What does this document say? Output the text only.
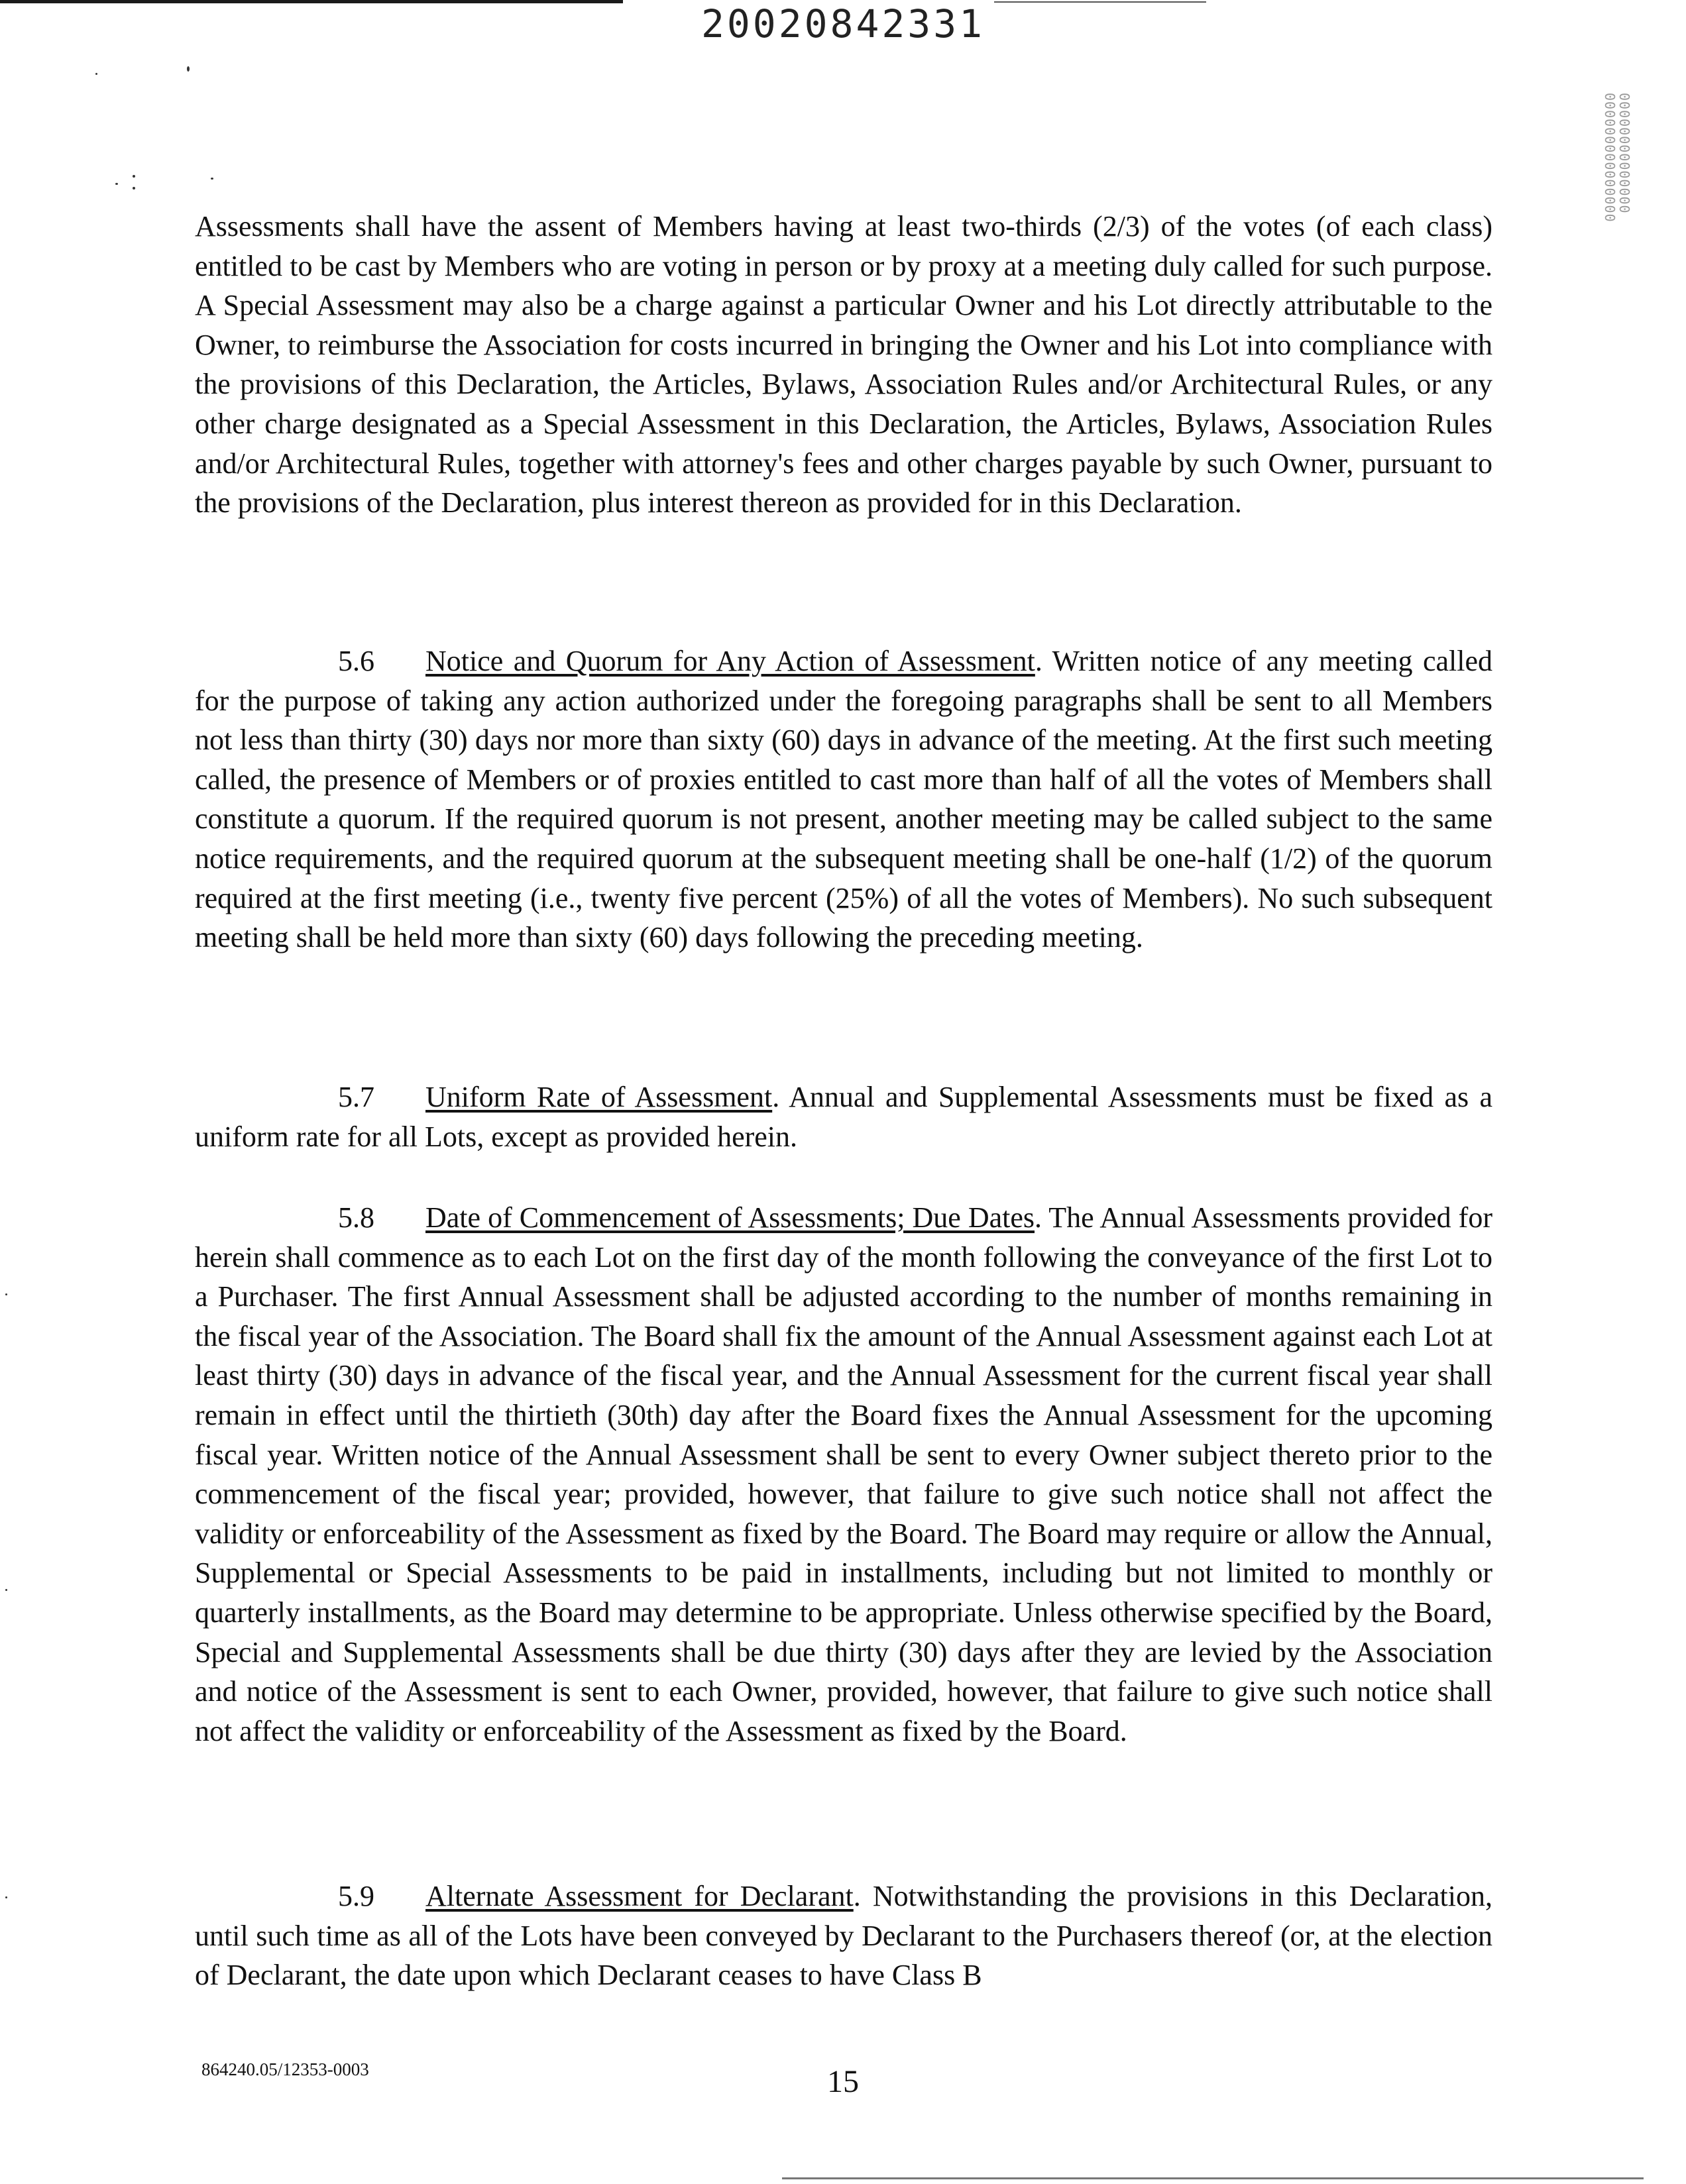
20020842331
00000000000000 000000000000000

Assessments shall have the assent of Members having at least two-thirds (2/3) of the votes (of each class) entitled to be cast by Members who are voting in person or by proxy at a meeting duly called for such purpose. A Special Assessment may also be a charge against a particular Owner and his Lot directly attributable to the Owner, to reimburse the Association for costs incurred in bringing the Owner and his Lot into compliance with the provisions of this Declaration, the Articles, Bylaws, Association Rules and/or Architectural Rules, or any other charge designated as a Special Assessment in this Declaration, the Articles, Bylaws, Association Rules and/or Architectural Rules, together with attorney's fees and other charges payable by such Owner, pursuant to the provisions of the Declaration, plus interest thereon as provided for in this Declaration.

5.6 Notice and Quorum for Any Action of Assessment. Written notice of any meeting called for the purpose of taking any action authorized under the foregoing paragraphs shall be sent to all Members not less than thirty (30) days nor more than sixty (60) days in advance of the meeting. At the first such meeting called, the presence of Members or of proxies entitled to cast more than half of all the votes of Members shall constitute a quorum. If the required quorum is not present, another meeting may be called subject to the same notice requirements, and the required quorum at the subsequent meeting shall be one-half (1/2) of the quorum required at the first meeting (i.e., twenty five percent (25%) of all the votes of Members). No such subsequent meeting shall be held more than sixty (60) days following the preceding meeting.

5.7 Uniform Rate of Assessment. Annual and Supplemental Assessments must be fixed as a uniform rate for all Lots, except as provided herein.

5.8 Date of Commencement of Assessments; Due Dates. The Annual Assessments provided for herein shall commence as to each Lot on the first day of the month following the conveyance of the first Lot to a Purchaser. The first Annual Assessment shall be adjusted according to the number of months remaining in the fiscal year of the Association. The Board shall fix the amount of the Annual Assessment against each Lot at least thirty (30) days in advance of the fiscal year, and the Annual Assessment for the current fiscal year shall remain in effect until the thirtieth (30th) day after the Board fixes the Annual Assessment for the upcoming fiscal year. Written notice of the Annual Assessment shall be sent to every Owner subject thereto prior to the commencement of the fiscal year; provided, however, that failure to give such notice shall not affect the validity or enforceability of the Assessment as fixed by the Board. The Board may require or allow the Annual, Supplemental or Special Assessments to be paid in installments, including but not limited to monthly or quarterly installments, as the Board may determine to be appropriate. Unless otherwise specified by the Board, Special and Supplemental Assessments shall be due thirty (30) days after they are levied by the Association and notice of the Assessment is sent to each Owner, provided, however, that failure to give such notice shall not affect the validity or enforceability of the Assessment as fixed by the Board.

5.9 Alternate Assessment for Declarant. Notwithstanding the provisions in this Declaration, until such time as all of the Lots have been conveyed by Declarant to the Purchasers thereof (or, at the election of Declarant, the date upon which Declarant ceases to have Class B

864240.05/12353-0003	15
